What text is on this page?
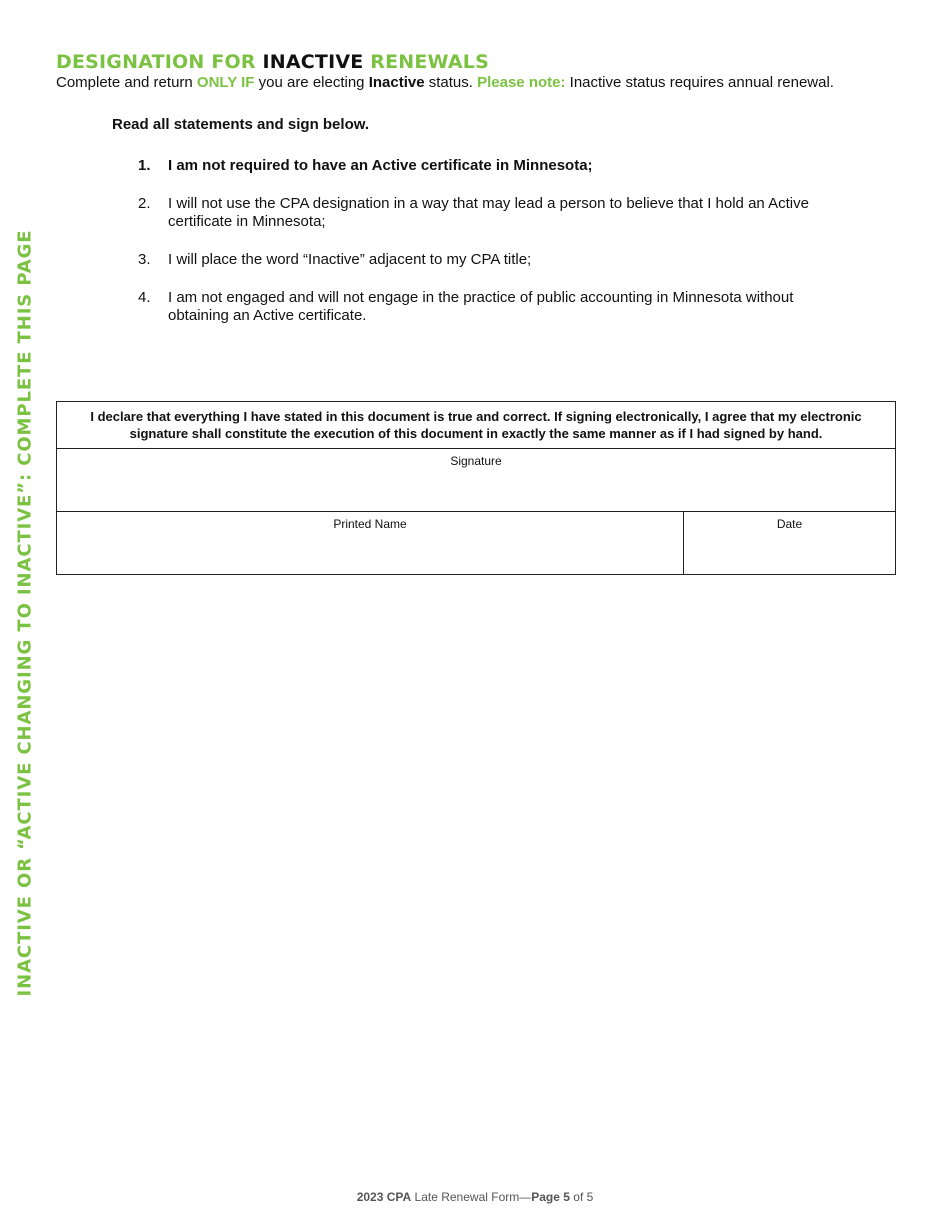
INACTIVE OR “ACTIVE CHANGING TO INACTIVE”: COMPLETE THIS PAGE
DESIGNATION FOR INACTIVE RENEWALS
Complete and return ONLY IF you are electing Inactive status. Please note: Inactive status requires annual renewal.
Read all statements and sign below.
1. I am not required to have an Active certificate in Minnesota;
2. I will not use the CPA designation in a way that may lead a person to believe that I hold an Active certificate in Minnesota;
3. I will place the word “Inactive” adjacent to my CPA title;
4. I am not engaged and will not engage in the practice of public accounting in Minnesota without obtaining an Active certificate.
I declare that everything I have stated in this document is true and correct. If signing electronically, I agree that my electronic signature shall constitute the execution of this document in exactly the same manner as if I had signed by hand.

Signature

Printed Name	Date
2023 CPA Late Renewal Form—Page 5 of 5
